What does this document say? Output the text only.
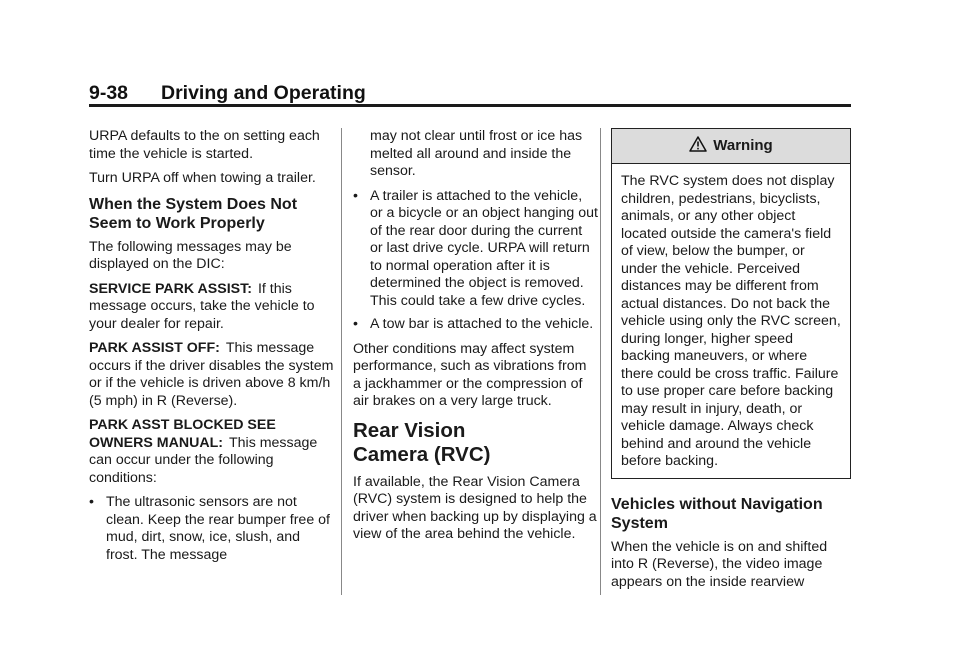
9-38 Driving and Operating

URPA defaults to the on setting each time the vehicle is started.

Turn URPA off when towing a trailer.

When the System Does Not Seem to Work Properly

The following messages may be displayed on the DIC:

SERVICE PARK ASSIST: If this message occurs, take the vehicle to your dealer for repair.

PARK ASSIST OFF: This message occurs if the driver disables the system or if the vehicle is driven above 8 km/h (5 mph) in R (Reverse).

PARK ASST BLOCKED SEE OWNERS MANUAL: This message can occur under the following conditions:

• The ultrasonic sensors are not clean. Keep the rear bumper free of mud, dirt, snow, ice, slush, and frost. The message

may not clear until frost or ice has melted all around and inside the sensor.

• A trailer is attached to the vehicle, or a bicycle or an object hanging out of the rear door during the current or last drive cycle. URPA will return to normal operation after it is determined the object is removed. This could take a few drive cycles.
• A tow bar is attached to the vehicle.

Other conditions may affect system performance, such as vibrations from a jackhammer or the compression of air brakes on a very large truck.

Rear Vision
Camera (RVC)

If available, the Rear Vision Camera (RVC) system is designed to help the driver when backing up by displaying a view of the area behind the vehicle.

Warning
The RVC system does not display children, pedestrians, bicyclists, animals, or any other object located outside the camera's field of view, below the bumper, or under the vehicle. Perceived distances may be different from actual distances. Do not back the vehicle using only the RVC screen, during longer, higher speed backing maneuvers, or where there could be cross traffic. Failure to use proper care before backing may result in injury, death, or vehicle damage. Always check behind and around the vehicle before backing.
Vehicles without Navigation System

When the vehicle is on and shifted into R (Reverse), the video image appears on the inside rearview
